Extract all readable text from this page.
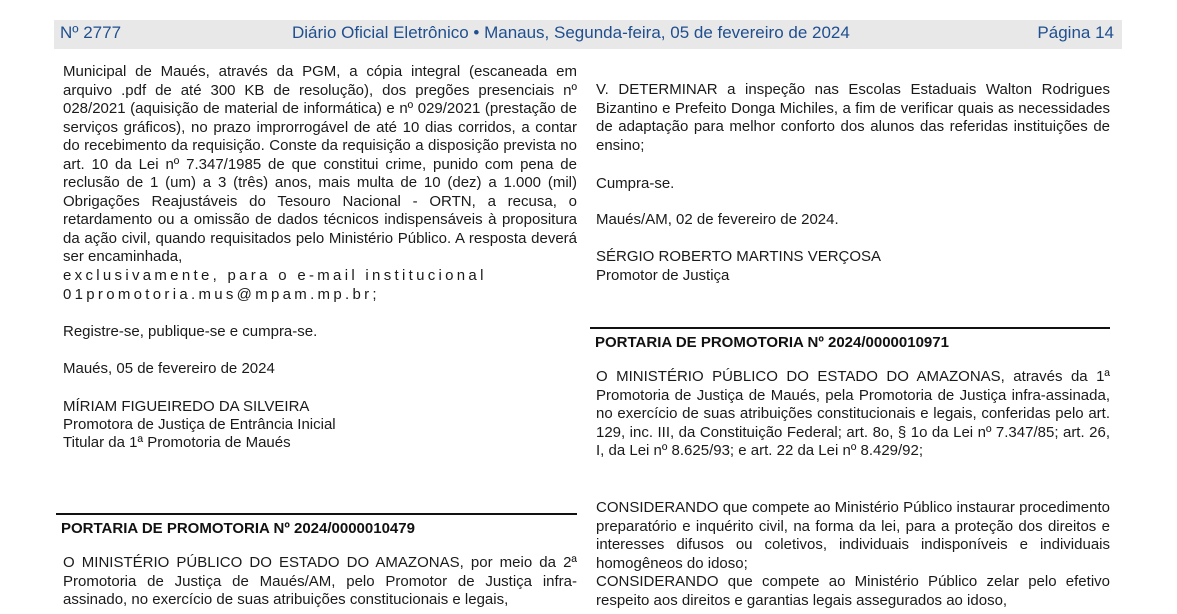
Nº 2777	Diário Oficial Eletrônico • Manaus, Segunda-feira, 05 de fevereiro de 2024	Página 14

Municipal de Maués, através da PGM, a cópia integral (escaneada em arquivo .pdf de até 300 KB de resolução), dos pregões presenciais nº 028/2021 (aquisição de material de informática) e nº 029/2021 (prestação de serviços gráficos), no prazo improrrogável de até 10 dias corridos, a contar do recebimento da requisição. Conste da requisição a disposição prevista no art. 10 da Lei nº 7.347/1985 de que constitui crime, punido com pena de reclusão de 1 (um) a 3 (três) anos, mais multa de 10 (dez) a 1.000 (mil) Obrigações Reajustáveis do Tesouro Nacional - ORTN, a recusa, o retardamento ou a omissão de dados técnicos indispensáveis à propositura da ação civil, quando requisitados pelo Ministério Público. A resposta deverá ser encaminhada,

exclusivamente, para o e-mail institucional

01promotoria.mus@mpam.mp.br;

Registre-se, publique-se e cumpra-se.

Maués, 05 de fevereiro de 2024

MÍRIAM FIGUEIREDO DA SILVEIRA

Promotora de Justiça de Entrância Inicial

Titular da 1ª Promotoria de Maués

PORTARIA DE PROMOTORIA Nº 2024/0000010479

O MINISTÉRIO PÚBLICO DO ESTADO DO AMAZONAS, por meio da 2ª Promotoria de Justiça de Maués/AM, pelo Promotor de Justiça infra-assinado, no exercício de suas atribuições constitucionais e legais,

V. DETERMINAR a inspeção nas Escolas Estaduais Walton Rodrigues Bizantino e Prefeito Donga Michiles, a fim de verificar quais as necessidades de adaptação para melhor conforto dos alunos das referidas instituições de ensino;

Cumpra-se.

Maués/AM, 02 de fevereiro de 2024.

SÉRGIO ROBERTO MARTINS VERÇOSA

Promotor de Justiça

PORTARIA DE PROMOTORIA Nº 2024/0000010971

O MINISTÉRIO PÚBLICO DO ESTADO DO AMAZONAS, através da 1ª Promotoria de Justiça de Maués, pela Promotoria de Justiça infra-assinada, no exercício de suas atribuições constitucionais e legais, conferidas pelo art. 129, inc. III, da Constituição Federal; art. 8o, § 1o da Lei nº 7.347/85; art. 26, I, da Lei nº 8.625/93; e art. 22 da Lei nº 8.429/92;

CONSIDERANDO que compete ao Ministério Público instaurar procedimento preparatório e inquérito civil, na forma da lei, para a proteção dos direitos e interesses difusos ou coletivos, individuais indisponíveis e individuais homogêneos do idoso;

CONSIDERANDO que compete ao Ministério Público zelar pelo efetivo respeito aos direitos e garantias legais assegurados ao idoso,
